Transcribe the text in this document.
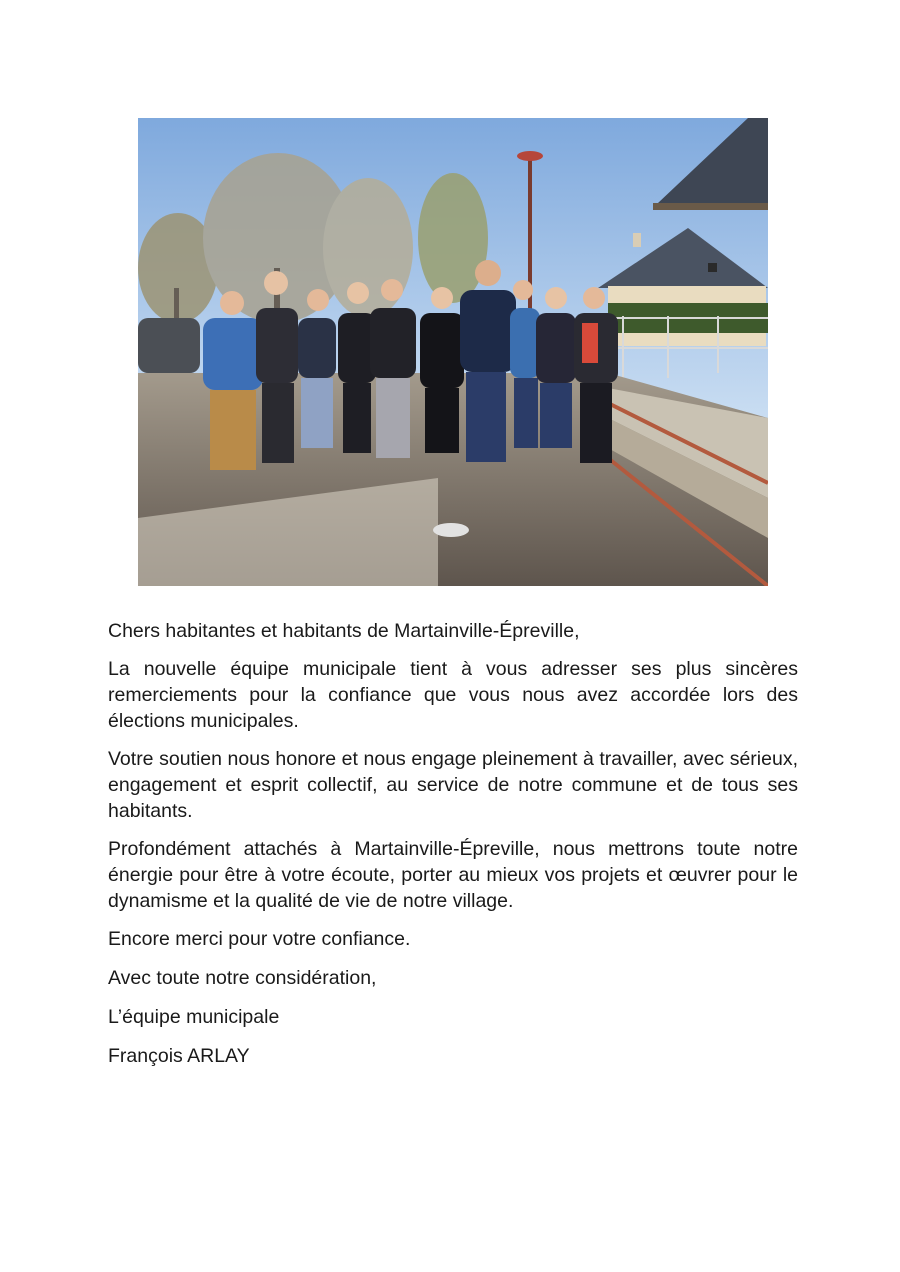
Chers habitantes et habitants de Martainville-Épreville,

La nouvelle équipe municipale tient à vous adresser ses plus sincères remerciements pour la confiance que vous nous avez accordée lors des élections municipales.

Votre soutien nous honore et nous engage pleinement à travailler, avec sérieux, engagement et esprit collectif, au service de notre commune et de tous ses habitants.

Profondément attachés à Martainville-Épreville, nous mettrons toute notre énergie pour être à votre écoute, porter au mieux vos projets et œuvrer pour le dynamisme et la qualité de vie de notre village.

Encore merci pour votre confiance.

Avec toute notre considération,

L’équipe municipale

François ARLAY
